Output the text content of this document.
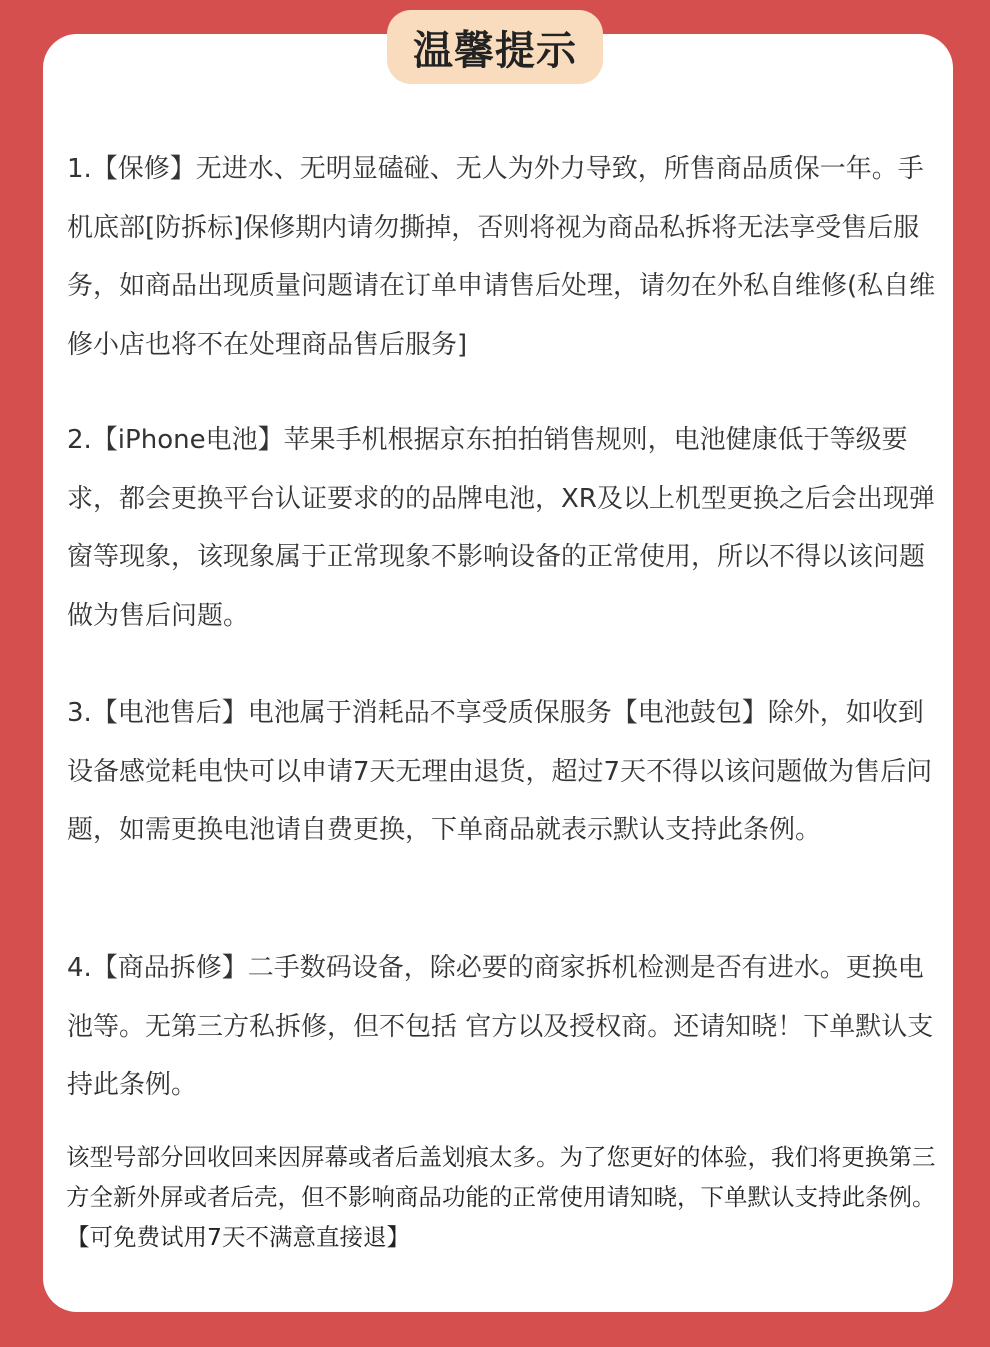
温馨提示
1.【保修】无进水、无明显磕碰、无人为外力导致，所售商品质保一年。手机底部[防拆标]保修期内请勿撕掉，否则将视为商品私拆将无法享受售后服务，如商品出现质量问题请在订单申请售后处理，请勿在外私自维修(私自维修小店也将不在处理商品售后服务]
2.【iPhone电池】苹果手机根据京东拍拍销售规则，电池健康低于等级要求，都会更换平台认证要求的的品牌电池，XR及以上机型更换之后会出现弹窗等现象，该现象属于正常现象不影响设备的正常使用，所以不得以该问题做为售后问题。
3.【电池售后】电池属于消耗品不享受质保服务【电池鼓包】除外，如收到设备感觉耗电快可以申请7天无理由退货，超过7天不得以该问题做为售后问题，如需更换电池请自费更换，下单商品就表示默认支持此条例。
4.【商品拆修】二手数码设备，除必要的商家拆机检测是否有进水。更换电池等。无第三方私拆修，但不包括 官方以及授权商。还请知晓！下单默认支持此条例。
该型号部分回收回来因屏幕或者后盖划痕太多。为了您更好的体验，我们将更换第三方全新外屏或者后壳，但不影响商品功能的正常使用请知晓，下单默认支持此条例。【可免费试用7天不满意直接退】
